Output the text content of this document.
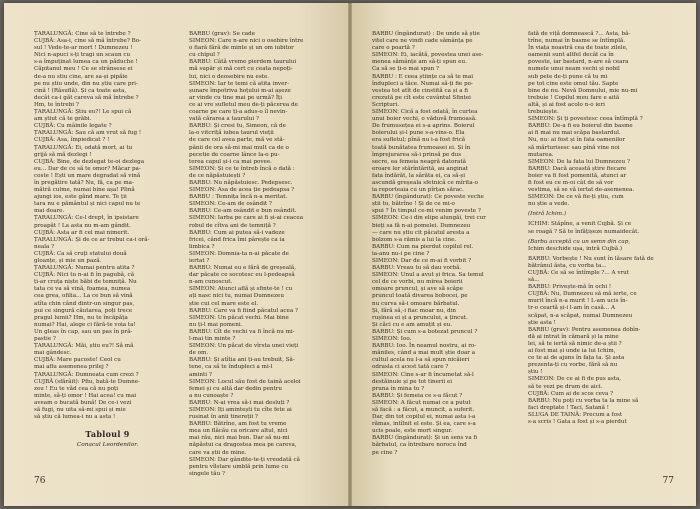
ȚARALUNGĂ: Cine să te întrebe ?
CUJBĂ: Asa-i, cine să mă întrebe? Bo-
sul ! Vede-te-ar mort ! Dumnezeu !
Nici n-apuci s-ți tragi un scaun cu
s-a împuținat lumea ca un păduche !
Căpitanul meu ! Ce se strânsese ei
de-a nu stiu cine, are sa-și pipăie
pe nu știu unde, din nu știu care pri-
cină ! (Răsuflă). Și ca toate asta,
decât ca-i găt careva să mă întrebe ?
Hm, te întrebi ?
ȚARALUNGĂ: Știu eu?! Le spui că
am știut că te grăbi.
CUJBĂ: Cu mâinile legate ?
ȚARALUNGĂ: Sau că am vrut să fug !
CUJBĂ: Asa, împiedicat ? !
ȚARALUNGĂ: Ei, odată mort, ai tu
grijă să mă dezlegi !
CUJBĂ: Bine, de dezlegat te-oi dezlega
eu... Dar de ce să te omor? Măcar pa-
coste ! Ești un mare degradat să vină
în pregătire tată? Nu, fă, ca pe ma-
mătră culme, numai bine așa! Plină
ajungi ios, este gând mare. Te ții
tara nu e pământul și nici capul nu te
mai doare.
ȚARALUNGĂ: Ce-l drept, în ipsistare
proapăt ! La asta nu m-am gândit.
CUJBĂ: Asta ar fi cel mai nimerit.
ȚARALUNGĂ: Și de ce ar trebui ca-i oră-
neala ?
CUJBĂ: Ca să cruți statului două
gloanțe, și mie un pază.
ȚARALUNGĂ: Numai pentru atita ?
CUJBĂ: Nici tu n-ai fi în pagubă, că
ți-ar cruța niște băbi de temniță. Nu
tata ce va să vină, foamea, numea
cea grea, ofilia... La ce bun să vină
atîta chin când dintr-un singur pas,
pui ce singură căutarea, poți trece
pragul lumii? Hm, nu te încăpăța
numai? Hai, alege ci fără-te voia ta!
Un gleas în cap, sau un pas în pră-
pastie ?
ȚARALUNGĂ: Măi, știu eu?! Să mă
mai gândesc.
CUJBĂ: Mare pacoste! Ceol cu
mai aflu asemenea prilej ?
ȚARALUNGĂ: Dumneata cum crezi ?
CUJBĂ (sfărâit): Pfiu, bată-te Dumne-
zeu ! Eu te văd cea că nu poți
minte, să-ți omor ! Hai acea! cu mai
aveam o bucată bună! De ce-i vezi
să fugi, nu uita să-mi spui și mie
să știu că lumea-i nu a asta !
Tabloul 9
Conacul Leordenilor.
BARBU (grav): Se cade
SIMEON: Care n-are nici o osebire între
o fiară fără de minte și un om iubitor
cu chipul ?
BARBU: Câtă vreme pierdem taurului
mă supăr și mă cert cu ceata nepoți-
lui, nici o deosebire nu este.
SIMEON: Iar te temi că atita inver-
șunare împotriva hoțului m-ai așeze
ar vinde cu tine mai pe urmă? Îți
ce ai vre sufletul meu de-ți păcerea de
coarne pe care ți-a adus-o îl nevin-
vată cărarea a taurului ?
BARBU: Și cresi tu, Simeon, că de
la-o vitcriță iubea taurul vieții
de care cel avea parte, mă ve stă-
pânii de ora să-mi mai mult ca de o
pecetie de coarne lânce la-o pu-
terea capul și-i ca mai povee.
SIMEON: Și ce te întreb încă o dată :
de ce năpăstuiești ?
BARBU: Nu năpăstuiesc. Pedepsesc.
SIMEON: Asa de acea ție pedeapsa ?
BARBU : Temnița încă n-a meritat.
SIMEON: Ce-am de osândit ?
BARBU: Ce-am osândit e bun osândit.
SIMEON: Iarba pe care ai fi și-ai ceacea
robul de cîtva ani de temniță ?
BARBU: Cum ai putea să-i vadeze
fricei, când frica îmi pârește ca ia
limbica ?
SIMEON: Domnia-ta n-ai păcate de
iertat ?
BARBU: Numai eu e fără de greșeală,
dar păcate ce socotesc eu l-pedeapsă
n-am cunoscut.
SIMEON: Atunci află și sfinte-te ! cu
ați nasc nici tu, numai Dumnezeu
știe cui cel mare este el.
BARBU: Care va fi fiind păcatul acea ?
SIMEON: Un păcat vechi. Mai bine
nu ți-l mai pomeni.
BARBU: Cît de vechi va fi încă nu mi-
l-mai tin minte ?
SIMEON: Un păcat de vîrsta unei vieți
de om.
BARBU: Și atîtia ani ți-au trebuit, Să-
tene, ca să te îndupleci a mi-l
aminti ?
SIMEON: Locul său fost de taină aceloi
femei și cu altă dar dedin pentru
a nu cunoaște ?
BARBU: N-ai vrea să-i mai desluți ?
SIMEON: Iți amintești tu cîte fete ai
rusinat în anii tinereții ?
BARBU: Bătrîne, am fost tu vreme
mea un flăcău ca oricare altul, nici
mai rău, nici mai bun. Dar să nu-mi
năpăstui ca dragostea mea pe careva,
care va știi de mine.
SIMEON: Dar gândite-te-ți vreodată că
pentru vîlstare umblă prin lume cu
singele tău ?
76
BARBU (îngândurat) : De unde să știe
vitel care ne vindi cade sămânța pe
care o poartă ?
SIMEON: Ei, iacătă, povestea unei ase-
menea sămânțe am să-ți spun eu.
Ca să se ți-o mai spun ?
BARBU : E ceea științe ca să te mai
îndupleci a tăce. Numai să-ți fie po-
vestea tot atît de cinstită ca și a fi
crezută pe cît este cuvântul Sfintei
Scripturi.
SIMEON: Cică a fost odată, în curtea
unui boier vechi, o văduvă frumoasă.
De frumusețea ei s-a aprins. Boierul
boierului și-l pune s-a-vins-o. Ela
era sufletul; pînă nu i-a fost frică
toată bunătatea frumoasei ei. Și în
împrejurarea să-i prinsă pe dus
secre, ea femeia neagră datorată
eroare ler stărîntărită, au anginat
fata îndărăt, la sârăta ei, ca să-și
ascundă greșeala sfetnică ce mîrita-o
ia reporteaia cu un pîrțan sărac.
BARBU (îngândurat): Ce poveste veche
știi tu, bătrîne ! Și de ce mi-o
spui ? În timpul ce-mi venim poveste ?
SIMEON: Ce-i din elipe alungăi, trei cur
bieți sa fă n-ai pomelei. Dumnezeu
— care nu știu cit păcatul aresta a
bolzom s-a rămis a lui la cine.
BARBU: Cum na pierdut copilul rel.
ia-anu nu-i pe cine ?
SIMEON: Dar de ce m-ai fi vorbit ?
BARBU: Vreau tu să dau vorbă.
SIMEON: Unul a avut și frica. Sa temul
cel de ce vorbi, nu mirea boierii
omoare pruncul, și ave să scăpe
pruncul toată divarea bobocei, pe
nu curva să-i omoare bărbatul.
Și, fără să,-i fiac moar nu, din
rușinea ei și a pruncului, a țincut.
Și căci cu e am amuțit și eu.
BARBU: Și cum s-a botezat pruncul ?
SIMEON: Ioo.
BARBU: Ioo. În neamul nostru, ai ro-
mâniles, când a mai mult știe doar a
cultul acela nu l-a să spun nicăieri
odrasla ci acest tată care ?
SIMEON: Cine s-ar fi încumetat să-l
destăinuie și pe tot tinerii ei
pruna în mina tu ?
BARBU: Și femeia ce s-a făcut ?
SIMEON: A făcut numai ce a putut
să facă : a făcut, a muncit, a suferit.
Dar, din tot copilul ei, numai asta i-a
rămas, intîlnit el este. Și ea, care s-a
ucis poale, este mort singur.
BARBU (îngândurat): Și un sens va fi
bărbatul, ca întrebare norocu înd
pe cine ?
fată de viță domnească ?... Asta, bă-
trîne, numai în basme se întîmplă.
În viața noastră cea de toate zilele,
oamenii sunt altfel decât ca în
poveste, iar bastard, n-are să ceara
numele unui neam vechi și nobil
sub pete de-ți pune că tu mi
pe tot cine este omul tău. Sapte
bine de nu. Nevă Domnului, mie nu-mi
trebuie ! Copilul meu fare e aită
altă, și ai fost acolo n-o ieri
trebuiește.
SIMEON: Și ți povestesc ceea întîmplă ?
BARBU: De-a fi eu boierul din basme
ai fi mai nu mai scăpa bastardul.
Nu, nu: ai fost și în fata oamenilor
să mărturisesc sau pînă vine noi
mutarea.
SIMEON: De la fata lui Dumnezeu ?
BARBU: Dacă această știre fiecare
boier va fi fost pomenită, atunci ar
fi fost eu ce m-oi cât de să vor
vestima, să se vă iertat de-asemenea.
SIMEON: De ce vă fie-ți știu, cum
nu știe a vede.
(Intră Ichim.)
ICHIM: Stăpîne, a venit Cujbă. Și ce
se roagă ? Să te înfățișeze numaidecât.
(Barbu acceptă cu un semn din cap,
Ichim deschide ușa, intră Cujbă.)
BARBU: Vorbește ! Nu sunt în lăsare fată de
bătrânul ăsta, cu vorba ta...
CUJBĂ: Ce să se întîmple ?... A vrut
să...
BARBU: Privește-mă în ochi !
CUJBĂ: Nu, Dumnezeu să mă ierte, ce
murit încă n-a murit ! L-am ucis în-
tr-o ceartă și-i l-am în casă... A
scăpat, n-a scăpat, numai Dumnezeu
știe asta !
BARBU (grav): Pentru asemenea dobîn-
dă ai intrat în cămară și la mine
lei, să te iertă să nimic de-a știi ?
ai fost mai și unde ia lui Ichim,
ce te ai de ajuns în fața ta. Și asta
prezenta-ți cu vorbe, fără să nu
știu !
SIMEON: De ce ai fi de pus asta,
să te vezi pe drum de aici.
CUJBĂ: Cum ai de scos ceva ?
BARBU: Nu poți cu vorba ta la mine să
faci dreptate ! Taci, Satană !
SLUGA DE TAINĂ: Precum a fost
s-a scris ! Gata a fost și s-a pierdut
77
